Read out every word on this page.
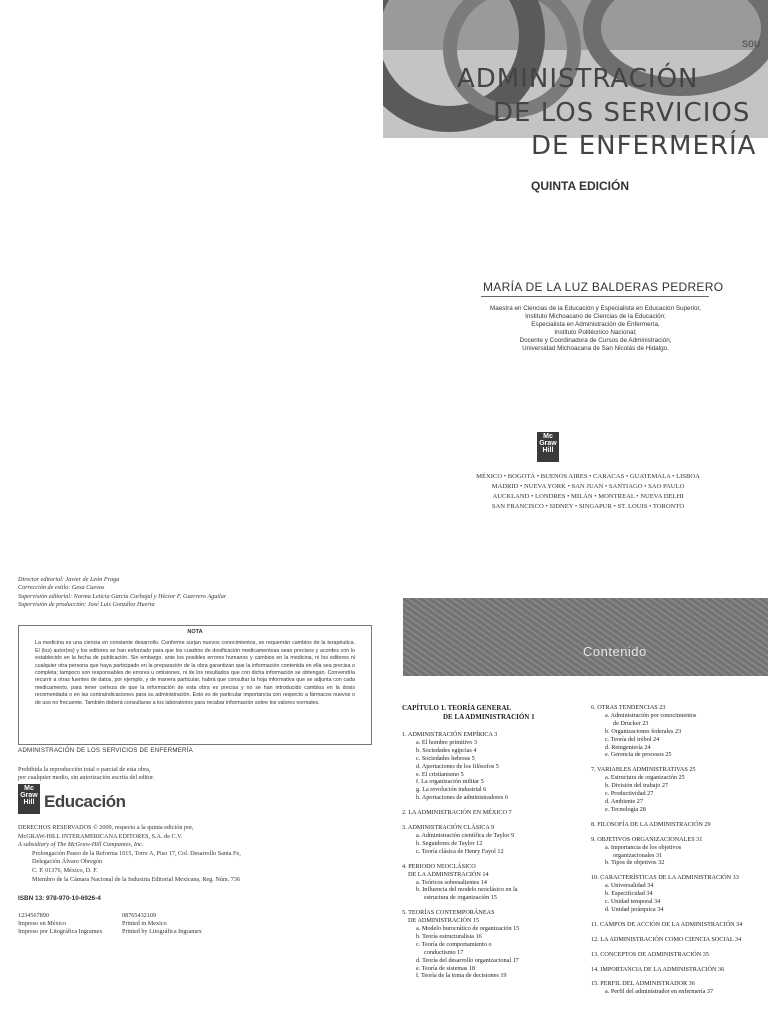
SOU
ADMINISTRACIÓN
DE LOS SERVICIOS
DE ENFERMERÍA
QUINTA EDICIÓN
MARÍA DE LA LUZ BALDERAS PEDRERO
Maestra en Ciencias de la Educación y Especialista en Educación Superior,
Instituto Michoacano de Ciencias de la Educación;
Especialista en Administración de Enfermería,
Instituto Politécnico Nacional;
Docente y Coordinadora de Cursos de Administración,
Universidad Michoacana de San Nicolás de Hidalgo.
Mc Graw Hill
MÉXICO • BOGOTÁ • BUENOS AIRES • CARACAS • GUATEMALA • LISBOA
MADRID • NUEVA YORK • SAN JUAN • SANTIAGO • SAO PAULO
AUCKLAND • LONDRES • MILÁN • MONTREAL • NUEVA DELHI
SAN FRANCISCO • SIDNEY • SINGAPUR • ST. LOUIS • TORONTO
Director editorial: Javier de León Fraga
Corrección de estilo: Gesa Cuevas
Supervisión editorial: Norma Leticia García Carbajal y Héctor F. Guerrero Aguilar
Supervisión de producción: José Luis González Huerta
NOTA
La medicina es una ciencia en constante desarrollo. Conforme surjan nuevos conocimientos, se requerirán cambios de la terapéutica. El (los) autor(es) y los editores se han esforzado para que los cuadros de dosificación medicamentosa sean precisos y acordes con lo establecido en la fecha de publicación. Sin embargo, ante los posibles errores humanos y cambios en la medicina, ni los editores ni cualquier otra persona que haya participado en la preparación de la obra garantizan que la información contenida en ella sea precisa o completa; tampoco son responsables de errores u omisiones, ni de los resultados que con dicha información se obtengan. Convendría recurrir a otras fuentes de datos, por ejemplo, y de manera particular, habrá que consultar la hoja informativa que se adjunta con cada medicamento, para tener certeza de que la información de esta obra es precisa y no se han introducido cambios en la dosis recomendada o en las contraindicaciones para su administración. Esto es de particular importancia con respecto a fármacos nuevos o de uso no frecuente. También deberá consultarse a los laboratorios para recabar información sobre los valores normales.
ADMINISTRACIÓN DE LOS SERVICIOS DE ENFERMERÍA
Prohibida la reproducción total o parcial de esta obra,
por cualquier medio, sin autorización escrita del editor.
Mc Graw Hill Educación
DERECHOS RESERVADOS © 2009, respecto a la quinta edición por,
McGRAW-HILL INTERAMERICANA EDITORES, S.A. de C.V.
A subsidiary of The McGraw-Hill Companies, Inc.
Prolongación Paseo de la Reforma 1015, Torre A, Piso 17, Col. Desarrollo Santa Fe,
Delegación Álvaro Obregón
C. P. 01376, México, D. F.
Miembro de la Cámara Nacional de la Industria Editorial Mexicana, Reg. Núm. 736
ISBN 13: 978-970-10-6926-4
1234567890
Impreso en México
Impreso por Litográfica Ingramex
08765432109
Printed in Mexico
Printed by Litográfica Ingramex
Contenido
CAPÍTULO 1. TEORÍA GENERAL
DE LA ADMINISTRACIÓN 1
1. ADMINISTRACIÓN EMPÍRICA 3
a. El hombre primitivo 3
b. Sociedades egipcias 4
c. Sociedades hebreas 5
d. Aportaciones de los filósofos 5
e. El cristianismo 5
f. La organización militar 5
g. La revolución industrial 6
h. Aportaciones de administradores 6
2. LA ADMINISTRACIÓN EN MÉXICO 7
3. ADMINISTRACIÓN CLÁSICA 9
a. Administración científica de Taylor 9
b. Seguidores de Taylor 12
c. Teoría clásica de Henry Fayol 12
4. PERIODO NEOCLÁSICO
DE LA ADMINISTRACIÓN 14
a. Teóricos sobresalientes 14
b. Influencia del modelo neoclásico en la
estructura de organización 15
5. TEORÍAS CONTEMPORÁNEAS
DE ADMINISTRACIÓN 15
a. Modelo burocrático de organización 15
b. Teoría estructuralista 16
c. Teoría de comportamiento o
conductismo 17
d. Teoría del desarrollo organizacional 17
e. Teoría de sistemas 18
f. Teoría de la toma de decisiones 19
6. OTRAS TENDENCIAS 23
a. Administración por conocimientos
de Drucker 23
b. Organizaciones federales 23
c. Teoría del trébol 24
d. Reingeniería 24
e. Gerencia de procesos 25
7. VARIABLES ADMINISTRATIVAS 25
a. Estructura de organización 25
b. División del trabajo 27
c. Productividad 27
d. Ambiente 27
e. Tecnología 28
8. FILOSOFÍA DE LA ADMINISTRACIÓN 29
9. OBJETIVOS ORGANIZACIONALES 31
a. Importancia de los objetivos
organizacionales 31
b. Tipos de objetivos 32
10. CARACTERÍSTICAS DE LA ADMINISTRACIÓN 33
a. Universalidad 34
b. Especificidad 34
c. Unidad temporal 34
d. Unidad jerárquica 34
11. CAMPOS DE ACCIÓN DE LA ADMINISTRACIÓN 34
12. LA ADMINISTRACIÓN COMO CIENCIA SOCIAL 34
13. CONCEPTOS DE ADMINISTRACIÓN 35
14. IMPORTANCIA DE LA ADMINISTRACIÓN 36
15. PERFIL DEL ADMINISTRADOR 36
a. Perfil del administrador en enfermería 37
